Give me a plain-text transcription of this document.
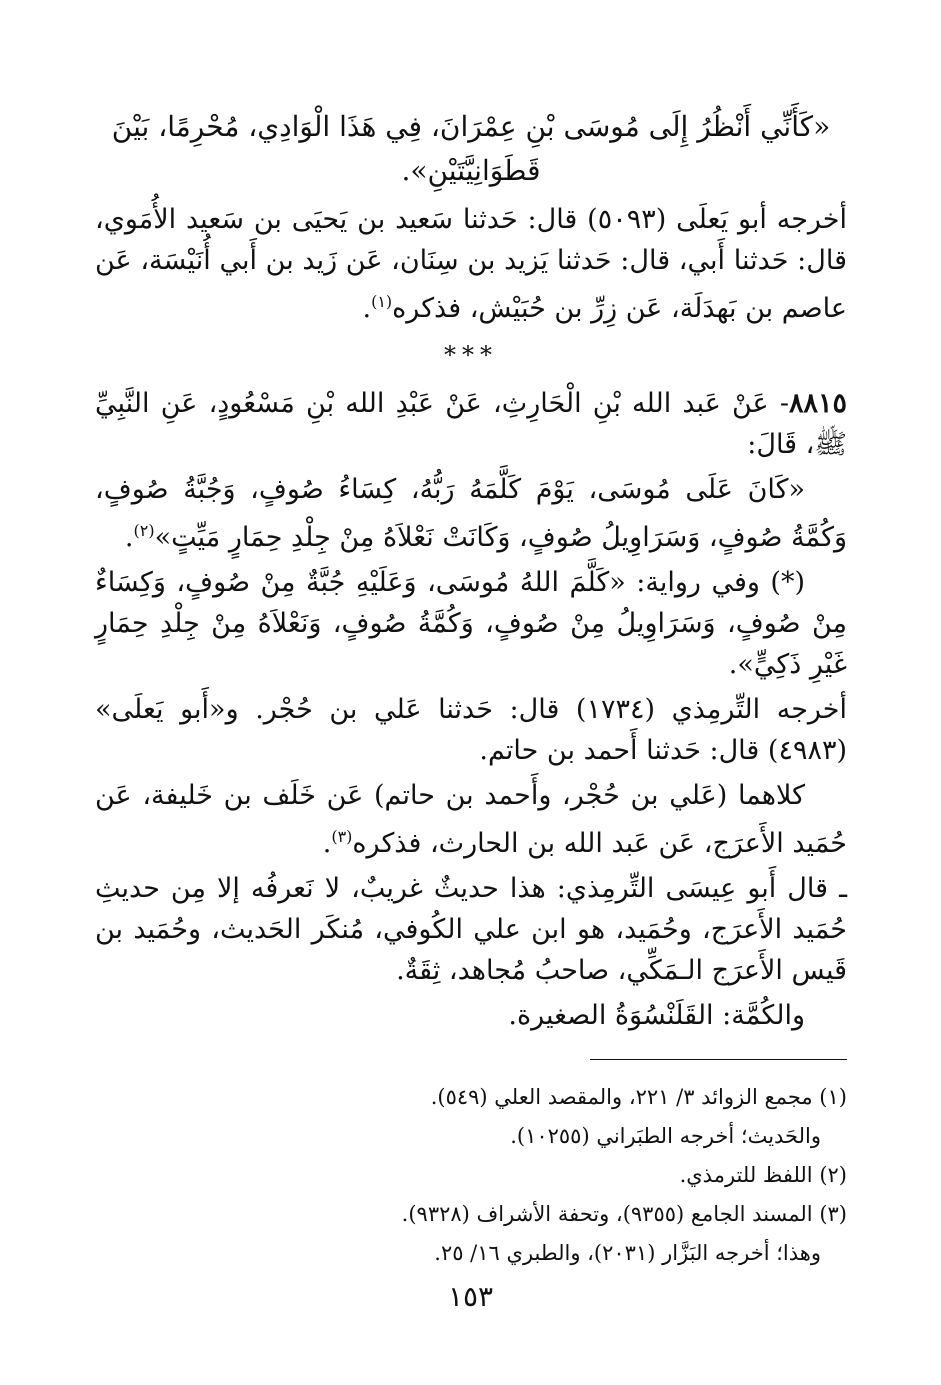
«كَأَنِّي أَنْظُرُ إِلَى مُوسَى بْنِ عِمْرَانَ، فِي هَذَا الْوَادِي، مُحْرِمًا، بَيْنَ قَطَوَانِيَّتَيْنِ».

أخرجه أبو يَعلَى (٥٠٩٣) قال: حَدثنا سَعيد بن يَحيَى بن سَعيد الأُمَوي، قال: حَدثنا أَبي، قال: حَدثنا يَزيد بن سِنَان، عَن زَيد بن أَبي أُنَيْسَة، عَن عاصم بن بَهدَلَة، عَن زِرِّ بن حُبَيْش، فذكره$^{(١)}$.

***

٨٨١٥- عَنْ عَبد الله بْنِ الْحَارِثِ، عَنْ عَبْدِ الله بْنِ مَسْعُودٍ، عَنِ النَّبِيِّ ﷺ، قَالَ:

«كَانَ عَلَى مُوسَى، يَوْمَ كَلَّمَهُ رَبُّهُ، كِسَاءُ صُوفٍ، وَجُبَّةُ صُوفٍ، وَكُمَّةُ صُوفٍ، وَسَرَاوِيلُ صُوفٍ، وَكَانَتْ نَعْلاَهُ مِنْ جِلْدِ حِمَارٍ مَيِّتٍ»$^{(٢)}$.

(*) وفي رواية: «كَلَّمَ اللهُ مُوسَى، وَعَلَيْهِ جُبَّةٌ مِنْ صُوفٍ، وَكِسَاءٌ مِنْ صُوفٍ، وَسَرَاوِيلُ مِنْ صُوفٍ، وَكُمَّةُ صُوفٍ، وَنَعْلاَهُ مِنْ جِلْدِ حِمَارٍ غَيْرِ ذَكِيٍّ».

أخرجه التِّرمِذي (١٧٣٤) قال: حَدثنا عَلي بن حُجْر. و«أَبو يَعلَى» (٤٩٨٣) قال: حَدثنا أَحمد بن حاتم.

كلاهما (عَلي بن حُجْر، وأَحمد بن حاتم) عَن خَلَف بن خَليفة، عَن حُمَيد الأَعرَج، عَن عَبد الله بن الحارث، فذكره$^{(٣)}$.

ـ قال أَبو عِيسَى التِّرمِذي: هذا حديثٌ غريبٌ، لا نَعرفُه إلا مِن حديثِ حُمَيد الأَعرَج، وحُمَيد، هو ابن علي الكُوفي، مُنكَر الحَديث، وحُمَيد بن قَيس الأَعرَج الـمَكِّي، صاحبُ مُجاهد، ثِقَةٌ.

والكُمَّة: القَلَنْسُوَةُ الصغيرة.

(١) مجمع الزوائد ٣/ ٢٢١، والمقصد العلي (٥٤٩).

والحَديث؛ أخرجه الطبَراني (١٠٢٥٥).

(٢) اللفظ للترمذي.

(٣) المسند الجامع (٩٣٥٥)، وتحفة الأشراف (٩٣٢٨).

وهذا؛ أخرجه البَزَّار (٢٠٣١)، والطبري ١٦/ ٢٥.

١٥٣
